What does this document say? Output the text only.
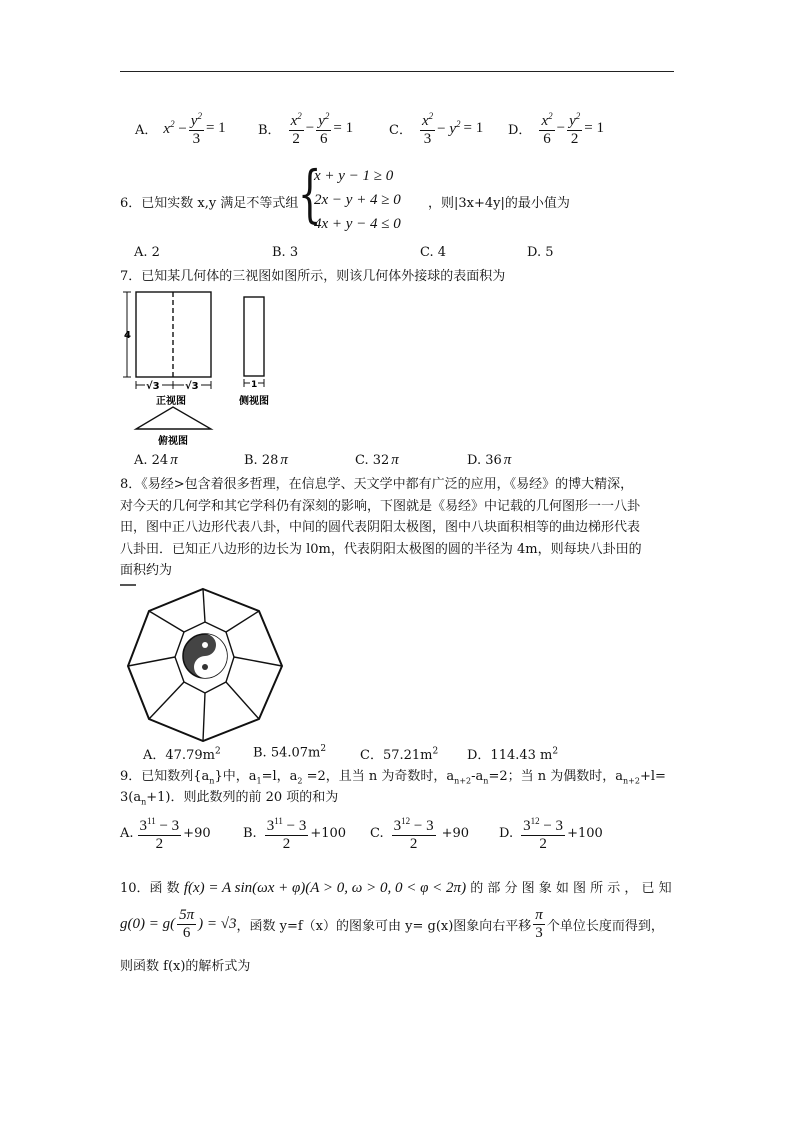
A． $x^2 - \frac{y^2}{3} = 1$ B． $\frac{x^2}{2} - \frac{y^2}{6} = 1$	C． $\frac{x^2}{3} - y^2 = 1$ D． $\frac{x^2}{6} - \frac{y^2}{2} = 1$
6．已知实数 x,y 满足不等式组 {
x + y − 1 ≥ 0
2x − y + 4 ≥ 0
4x + y − 4 ≤ 0
，则|3x+4y|的最小值为
A. 2	B. 3	C. 4	D. 5
7．已知某几何体的三视图如图所示，则该几何体外接球的表面积为
4
√3	√3
正视图
1
侧视图
俯视图
A. 24 π	B. 28 π	C. 32 π	D. 36 π
8．《易经>包含着很多哲理，在信息学、天文学中都有广泛的应用，《易经》的博大精深，
对今天的几何学和其它学科仍有深刻的影响，下图就是《易经》中记载的几何图形一一八卦
田，图中正八边形代表八卦，中间的圆代表阴阳太极图，图中八块面积相等的曲边梯形代表
八卦田．已知正八边形的边长为 l0m，代表阴阳太极图的圆的半径为 4m，则每块八卦田的
面积约为
A．$47.79m^2$ B. $54.07m^2$	C．$57.21m^2$ D．114.43 $m^2$
9．已知数列$\{a_n\}$中，$a_1=l$，$a_2 =2$，且当 n 为奇数时，$a_{n+2}-a_n=2$；当 n 为偶数时，$a_{n+2}+l=$
$3(a_n+1)$．则此数列的前 20 项的和为
A. $\frac{3^{11} - 3}{2} +90$ B. $\frac{3^{11} - 3}{2} +100$ C. $\frac{3^{12} - 3}{2} +90$ D. $\frac{3^{12} - 3}{2} +100$
10．函 数 f(x) = A sin(ωx + φ)(A > 0, ω > 0, 0 < φ < 2π) 的 部 分 图 象 如 图 所 示 ， 已 知
$g(0) = g( \frac{5\pi}{6}$ ) = √3 ，函数 y=f（x）的图象可由 y= g(x)图象向右平移 $\frac{\pi}{3}$ 个单位长度而得到，
则函数 f(x)的解析式为
